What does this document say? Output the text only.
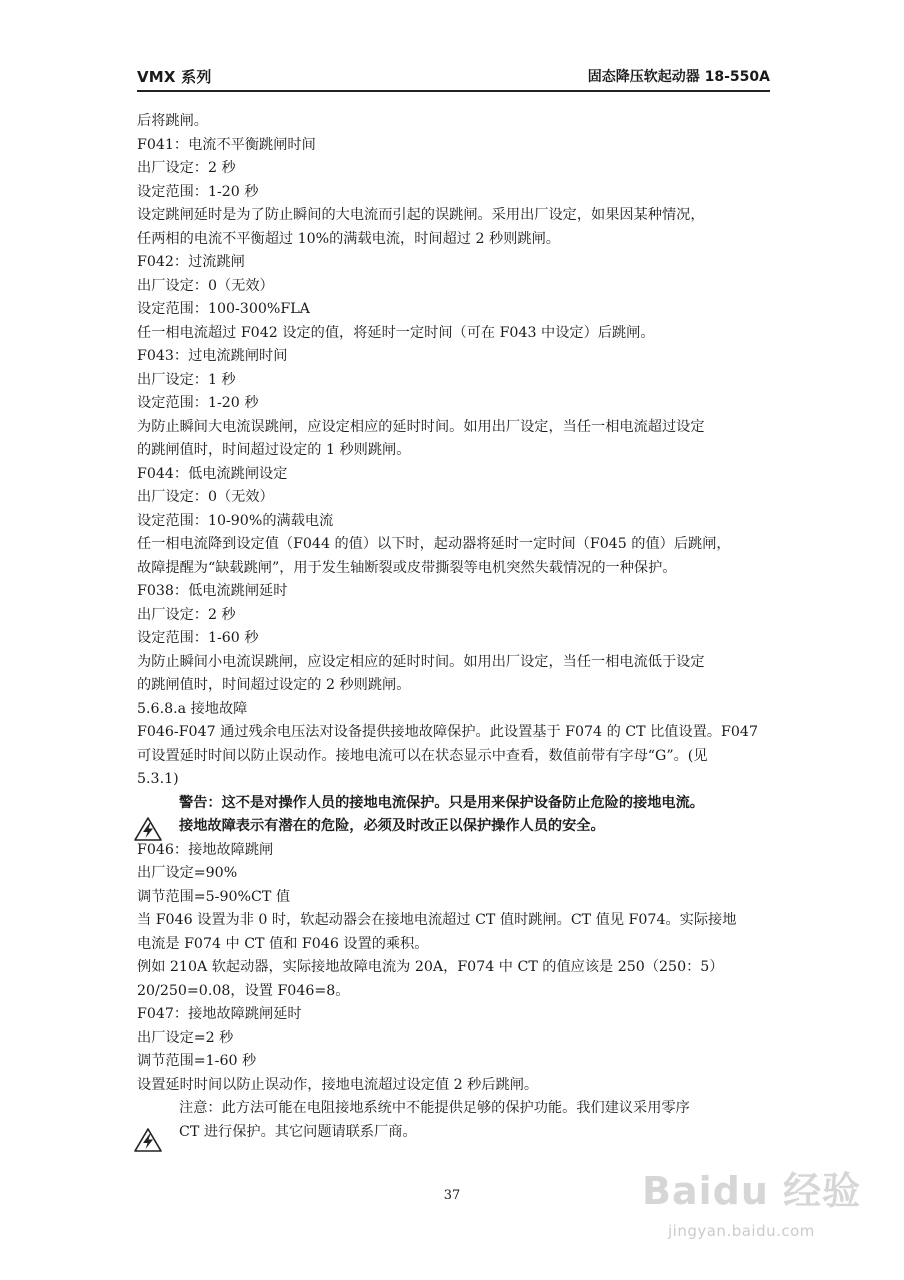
VMX 系列	固态降压软起动器 18-550A
后将跳闸。
F041：电流不平衡跳闸时间
出厂设定：2 秒
设定范围：1-20 秒
设定跳闸延时是为了防止瞬间的大电流而引起的误跳闸。采用出厂设定，如果因某种情况，
任两相的电流不平衡超过 10%的满载电流，时间超过 2 秒则跳闸。
F042：过流跳闸
出厂设定：0（无效）
设定范围：100-300%FLA
任一相电流超过 F042 设定的值，将延时一定时间（可在 F043 中设定）后跳闸。
F043：过电流跳闸时间
出厂设定：1 秒
设定范围：1-20 秒
为防止瞬间大电流误跳闸，应设定相应的延时时间。如用出厂设定，当任一相电流超过设定
的跳闸值时，时间超过设定的 1 秒则跳闸。
F044：低电流跳闸设定
出厂设定：0（无效）
设定范围：10-90%的满载电流
任一相电流降到设定值（F044 的值）以下时，起动器将延时一定时间（F045 的值）后跳闸，
故障提醒为“缺载跳闸”，用于发生轴断裂或皮带撕裂等电机突然失载情况的一种保护。
F038：低电流跳闸延时
出厂设定：2 秒
设定范围：1-60 秒
为防止瞬间小电流误跳闸，应设定相应的延时时间。如用出厂设定，当任一相电流低于设定
的跳闸值时，时间超过设定的 2 秒则跳闸。
5.6.8.a 接地故障
F046-F047 通过残余电压法对设备提供接地故障保护。此设置基于 F074 的 CT 比值设置。F047
可设置延时时间以防止误动作。接地电流可以在状态显示中查看，数值前带有字母“G”。(见
5.3.1)
警告：这不是对操作人员的接地电流保护。只是用来保护设备防止危险的接地电流。
接地故障表示有潜在的危险，必须及时改正以保护操作人员的安全。
F046：接地故障跳闸
出厂设定=90%
调节范围=5-90%CT 值
当 F046 设置为非 0 时，软起动器会在接地电流超过 CT 值时跳闸。CT 值见 F074。实际接地
电流是 F074 中 CT 值和 F046 设置的乘积。
例如 210A 软起动器，实际接地故障电流为 20A，F074 中 CT 的值应该是 250（250：5）
20/250=0.08，设置 F046=8。
F047：接地故障跳闸延时
出厂设定=2 秒
调节范围=1-60 秒
设置延时时间以防止误动作，接地电流超过设定值 2 秒后跳闸。
注意：此方法可能在电阻接地系统中不能提供足够的保护功能。我们建议采用零序
CT 进行保护。其它问题请联系厂商。
37	Baidu 经验
jingyan.baidu.com
